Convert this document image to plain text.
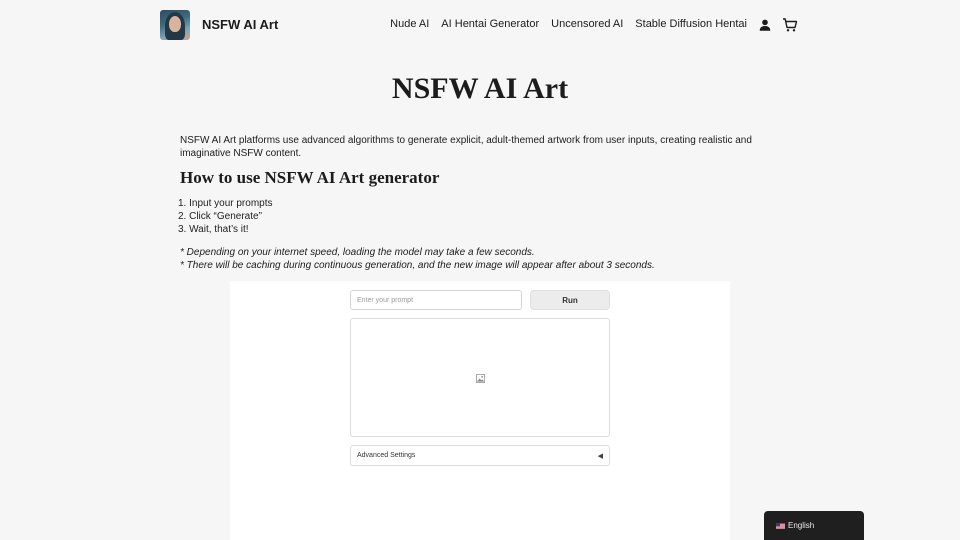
NSFW AI Art	Nude AI AI Hentai Generator Uncensored AI Stable Diffusion Hentai
NSFW AI Art

NSFW AI Art platforms use advanced algorithms to generate explicit, adult-themed artwork from user inputs, creating realistic and imaginative NSFW content.

How to use NSFW AI Art generator
1. Input your prompts
2. Click “Generate”
3. Wait, that’s it!
* Depending on your internet speed, loading the model may take a few seconds.
* There will be caching during continuous generation, and the new image will appear after about 3 seconds.
Enter your prompt
Run
Advanced Settings	◀
English
